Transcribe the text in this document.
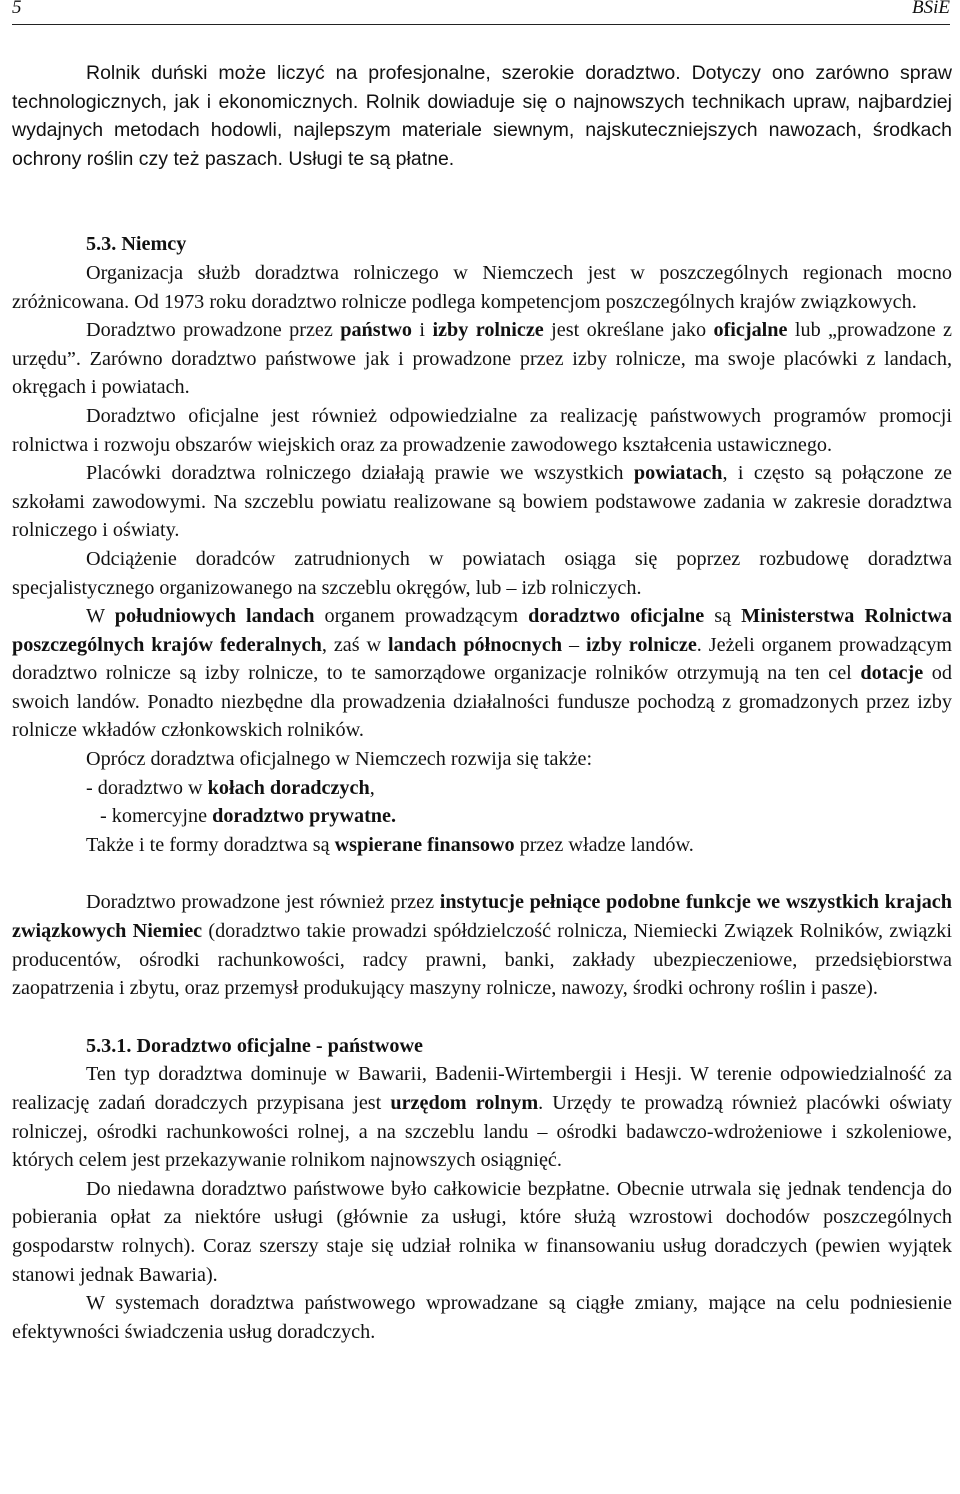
5	BSiE

Rolnik duński może liczyć na profesjonalne, szerokie doradztwo. Dotyczy ono zarówno spraw technologicznych, jak i ekonomicznych. Rolnik dowiaduje się o najnowszych technikach upraw, najbardziej wydajnych metodach hodowli, najlepszym materiale siewnym, najskuteczniejszych nawozach, środkach ochrony roślin czy też paszach. Usługi te są płatne.

5.3. Niemcy

Organizacja służb doradztwa rolniczego w Niemczech jest w poszczególnych regionach mocno zróżnicowana. Od 1973 roku doradztwo rolnicze podlega kompetencjom poszczególnych krajów związkowych.

Doradztwo prowadzone przez państwo i izby rolnicze jest określane jako oficjalne lub „prowadzone z urzędu”. Zarówno doradztwo państwowe jak i prowadzone przez izby rolnicze, ma swoje placówki z landach, okręgach i powiatach.

Doradztwo oficjalne jest również odpowiedzialne za realizację państwowych programów promocji rolnictwa i rozwoju obszarów wiejskich oraz za prowadzenie zawodowego kształcenia ustawicznego.

Placówki doradztwa rolniczego działają prawie we wszystkich powiatach, i często są połączone ze szkołami zawodowymi. Na szczeblu powiatu realizowane są bowiem podstawowe zadania w zakresie doradztwa rolniczego i oświaty.

Odciążenie doradców zatrudnionych w powiatach osiąga się poprzez rozbudowę doradztwa specjalistycznego organizowanego na szczeblu okręgów, lub – izb rolniczych.

W południowych landach organem prowadzącym doradztwo oficjalne są Ministerstwa Rolnictwa poszczególnych krajów federalnych, zaś w landach północnych – izby rolnicze. Jeżeli organem prowadzącym doradztwo rolnicze są izby rolnicze, to te samorządowe organizacje rolników otrzymują na ten cel dotacje od swoich landów. Ponadto niezbędne dla prowadzenia działalności fundusze pochodzą z gromadzonych przez izby rolnicze wkładów członkowskich rolników.

Oprócz doradztwa oficjalnego w Niemczech rozwija się także:

- doradztwo w kołach doradczych,

- komercyjne doradztwo prywatne.

Także i te formy doradztwa są wspierane finansowo przez władze landów.

Doradztwo prowadzone jest również przez instytucje pełniące podobne funkcje we wszystkich krajach związkowych Niemiec (doradztwo takie prowadzi spółdzielczość rolnicza, Niemiecki Związek Rolników, związki producentów, ośrodki rachunkowości, radcy prawni, banki, zakłady ubezpieczeniowe, przedsiębiorstwa zaopatrzenia i zbytu, oraz przemysł produkujący maszyny rolnicze, nawozy, środki ochrony roślin i pasze).

5.3.1. Doradztwo oficjalne - państwowe

Ten typ doradztwa dominuje w Bawarii, Badenii-Wirtembergii i Hesji. W terenie odpowiedzialność za realizację zadań doradczych przypisana jest urzędom rolnym. Urzędy te prowadzą również placówki oświaty rolniczej, ośrodki rachunkowości rolnej, a na szczeblu landu – ośrodki badawczo-wdrożeniowe i szkoleniowe, których celem jest przekazywanie rolnikom najnowszych osiągnięć.

Do niedawna doradztwo państwowe było całkowicie bezpłatne. Obecnie utrwala się jednak tendencja do pobierania opłat za niektóre usługi (głównie za usługi, które służą wzrostowi dochodów poszczególnych gospodarstw rolnych). Coraz szerszy staje się udział rolnika w finansowaniu usług doradczych (pewien wyjątek stanowi jednak Bawaria).

W systemach doradztwa państwowego wprowadzane są ciągłe zmiany, mające na celu podniesienie efektywności świadczenia usług doradczych.
